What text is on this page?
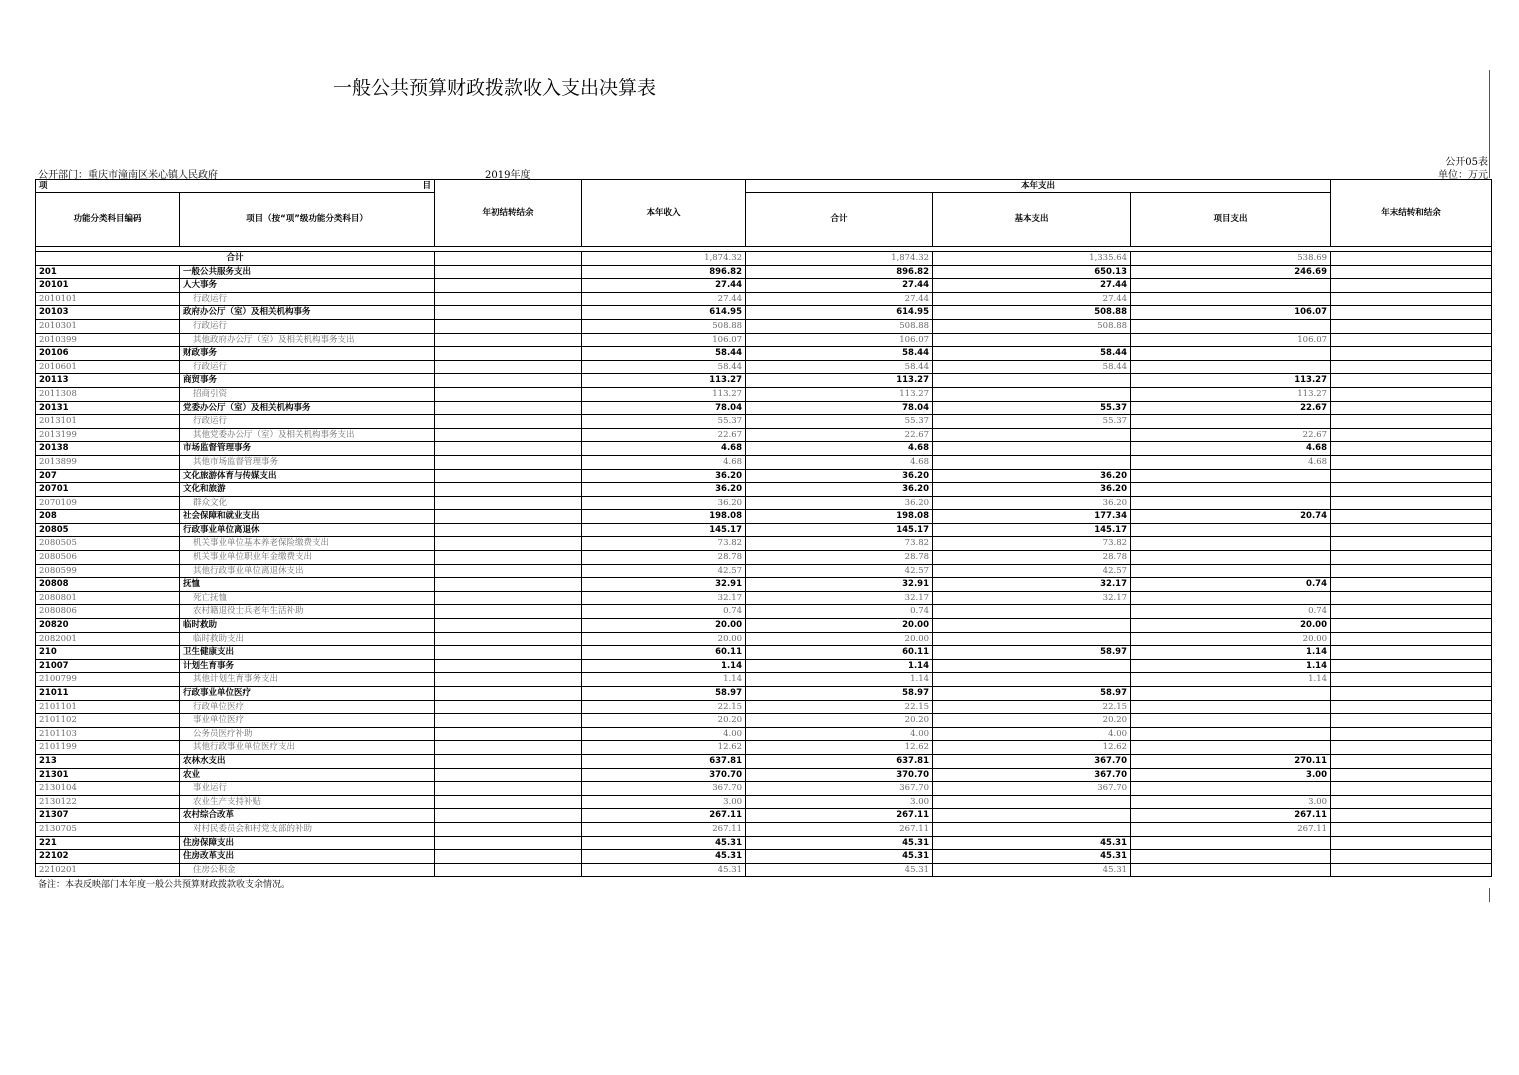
一般公共预算财政拨款收入支出决算表
公开部门：重庆市潼南区米心镇人民政府	2019年度
公开05表
单位：万元
项 目		年初结转结余	本年收入	本年支出			年末结转和结余
功能分类科目编码	项目（按“项”级功能分类科目）			合计	基本支出	项目支出	

合计			1,874.32	1,874.32	1,335.64	538.69	
201	一般公共服务支出		896.82	896.82	650.13	246.69	
20101	人大事务		27.44	27.44	27.44		
2010101	行政运行		27.44	27.44	27.44		
20103	政府办公厅（室）及相关机构事务		614.95	614.95	508.88	106.07	
2010301	行政运行		508.88	508.88	508.88		
2010399	其他政府办公厅（室）及相关机构事务支出		106.07	106.07		106.07	
20106	财政事务		58.44	58.44	58.44		
2010601	行政运行		58.44	58.44	58.44		
20113	商贸事务		113.27	113.27		113.27	
2011308	招商引资		113.27	113.27		113.27	
20131	党委办公厅（室）及相关机构事务		78.04	78.04	55.37	22.67	
2013101	行政运行		55.37	55.37	55.37		
2013199	其他党委办公厅（室）及相关机构事务支出		22.67	22.67		22.67	
20138	市场监督管理事务		4.68	4.68		4.68	
2013899	其他市场监督管理事务		4.68	4.68		4.68	
207	文化旅游体育与传媒支出		36.20	36.20	36.20		
20701	文化和旅游		36.20	36.20	36.20		
2070109	群众文化		36.20	36.20	36.20		
208	社会保障和就业支出		198.08	198.08	177.34	20.74	
20805	行政事业单位离退休		145.17	145.17	145.17		
2080505	机关事业单位基本养老保险缴费支出		73.82	73.82	73.82		
2080506	机关事业单位职业年金缴费支出		28.78	28.78	28.78		
2080599	其他行政事业单位离退休支出		42.57	42.57	42.57		
20808	抚恤		32.91	32.91	32.17	0.74	
2080801	死亡抚恤		32.17	32.17	32.17		
2080806	农村籍退役士兵老年生活补助		0.74	0.74		0.74	
20820	临时救助		20.00	20.00		20.00	
2082001	临时救助支出		20.00	20.00		20.00	
210	卫生健康支出		60.11	60.11	58.97	1.14	
21007	计划生育事务		1.14	1.14		1.14	
2100799	其他计划生育事务支出		1.14	1.14		1.14	
21011	行政事业单位医疗		58.97	58.97	58.97		
2101101	行政单位医疗		22.15	22.15	22.15		
2101102	事业单位医疗		20.20	20.20	20.20		
2101103	公务员医疗补助		4.00	4.00	4.00		
2101199	其他行政事业单位医疗支出		12.62	12.62	12.62		
213	农林水支出		637.81	637.81	367.70	270.11	
21301	农业		370.70	370.70	367.70	3.00	
2130104	事业运行		367.70	367.70	367.70		
2130122	农业生产支持补贴		3.00	3.00		3.00	
21307	农村综合改革		267.11	267.11		267.11	
2130705	对村民委员会和村党支部的补助		267.11	267.11		267.11	
221	住房保障支出		45.31	45.31	45.31		
22102	住房改革支出		45.31	45.31	45.31		
2210201	住房公积金		45.31	45.31	45.31		
备注：本表反映部门本年度一般公共预算财政拨款收支余情况。
